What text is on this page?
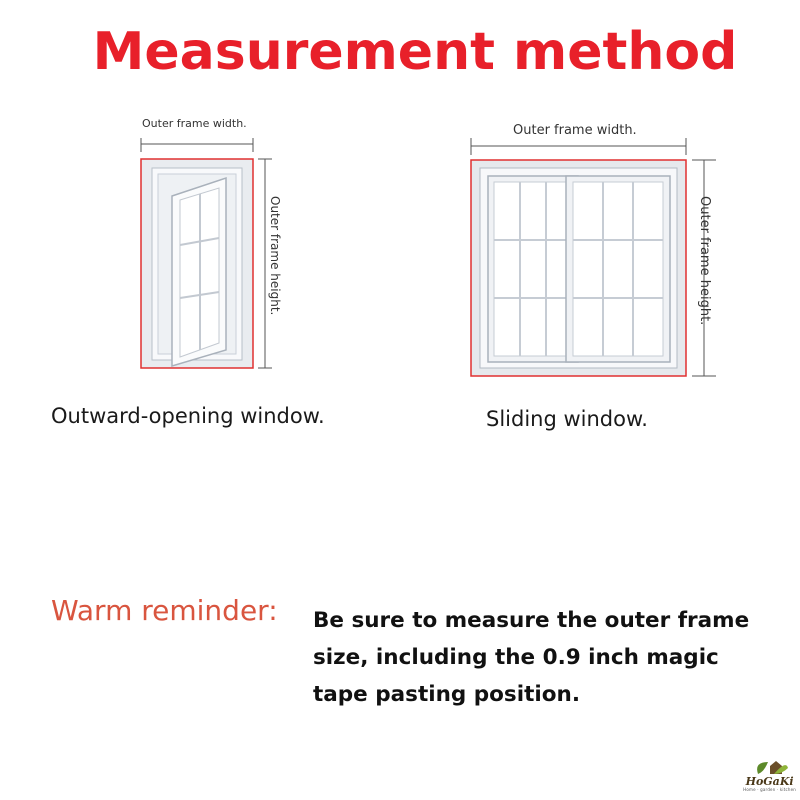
Measurement method
Outer frame width.
Outer frame height.
Outward-opening window.
Outer frame width.
Outer frame height.
Sliding window.
Warm reminder: Be sure to measure the outer frame size, including the 0.9 inch magic tape pasting position.
HoGaKi
Home · garden · kitchen
